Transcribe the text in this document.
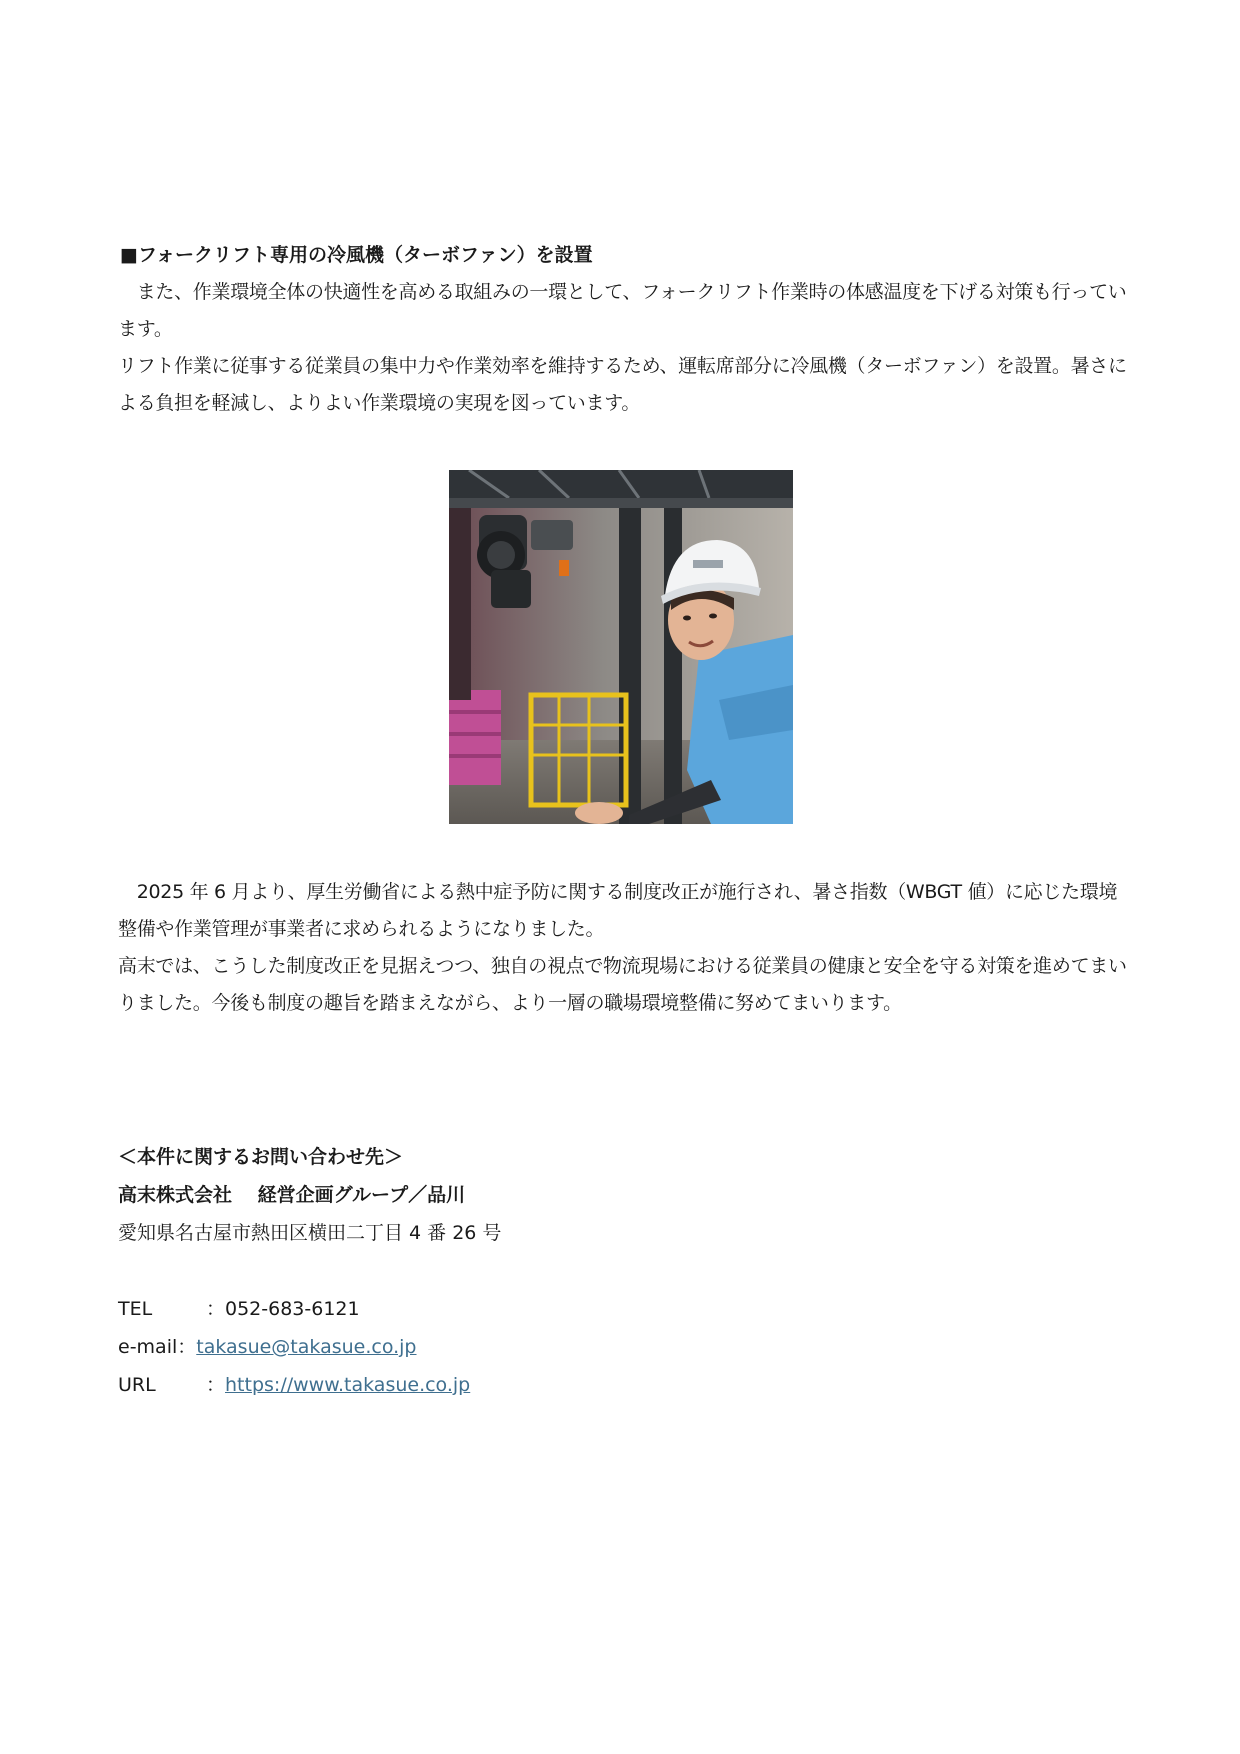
■フォークリフト専用の冷風機（ターボファン）を設置

　また、作業環境全体の快適性を高める取組みの一環として、フォークリフト作業時の体感温度を下げる対策も行っています。

リフト作業に従事する従業員の集中力や作業効率を維持するため、運転席部分に冷風機（ターボファン）を設置。暑さによる負担を軽減し、よりよい作業環境の実現を図っています。

　2025 年 6 月より、厚生労働省による熱中症予防に関する制度改正が施行され、暑さ指数（WBGT 値）に応じた環境整備や作業管理が事業者に求められるようになりました。

高末では、こうした制度改正を見据えつつ、独自の視点で物流現場における従業員の健康と安全を守る対策を進めてまいりました。今後も制度の趣旨を踏まえながら、より一層の職場環境整備に努めてまいります。

＜本件に関するお問い合わせ先＞
高末株式会社　 経営企画グループ／品川
愛知県名古屋市熱田区横田二丁目 4 番 26 号
TEL	：052-683-6121
e-mail：takasue@takasue.co.jp
URL	：https://www.takasue.co.jp
